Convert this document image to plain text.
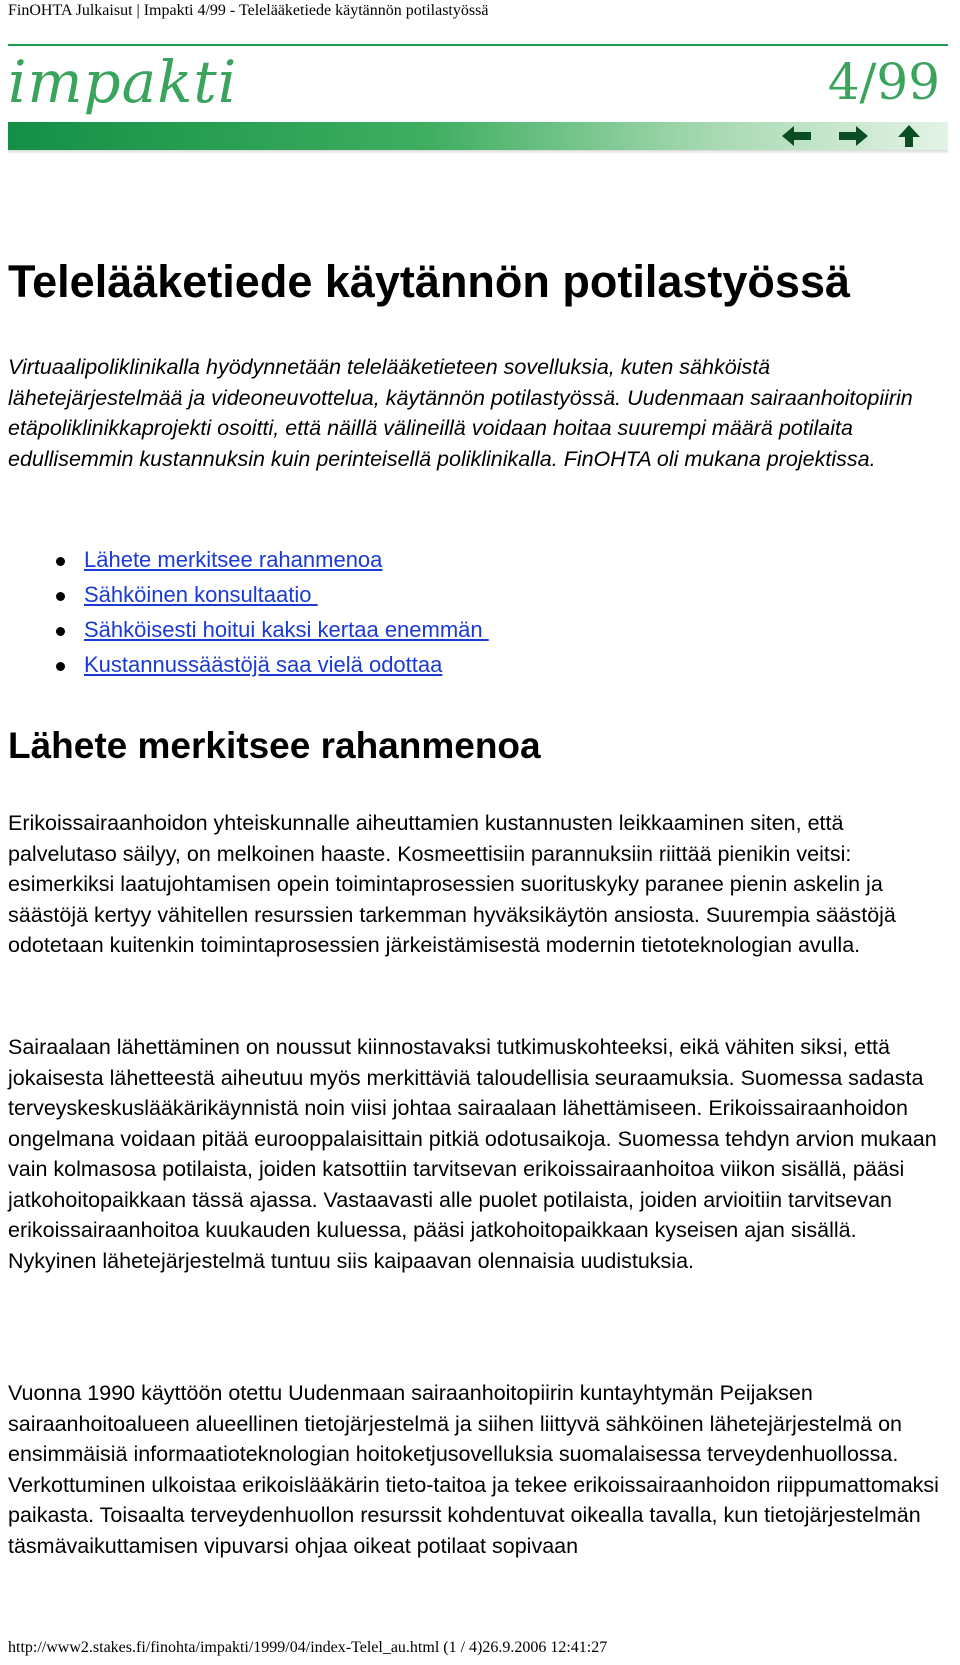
FinOHTA Julkaisut | Impakti 4/99 - Telelääketiede käytännön potilastyössä
impakti	4/99
Telelääketiede käytännön potilastyössä

Virtuaalipoliklinikalla hyödynnetään telelääketieteen sovelluksia, kuten sähköistä lähetejärjestelmää ja videoneuvottelua, käytännön potilastyössä. Uudenmaan sairaanhoitopiirin etäpoliklinikkaprojekti osoitti, että näillä välineillä voidaan hoitaa suurempi määrä potilaita edullisemmin kustannuksin kuin perinteisellä poliklinikalla. FinOHTA oli mukana projektissa.

Lähete merkitsee rahanmenoa
Sähköinen konsultaatio
Sähköisesti hoitui kaksi kertaa enemmän
Kustannussäästöjä saa vielä odottaa
Lähete merkitsee rahanmenoa

Erikoissairaanhoidon yhteiskunnalle aiheuttamien kustannusten leikkaaminen siten, että palvelutaso säilyy, on melkoinen haaste. Kosmeettisiin parannuksiin riittää pienikin veitsi: esimerkiksi laatujohtamisen opein toimintaprosessien suorituskyky paranee pienin askelin ja säästöjä kertyy vähitellen resurssien tarkemman hyväksikäytön ansiosta. Suurempia säästöjä odotetaan kuitenkin toimintaprosessien järkeistämisestä modernin tietoteknologian avulla.

Sairaalaan lähettäminen on noussut kiinnostavaksi tutkimuskohteeksi, eikä vähiten siksi, että jokaisesta lähetteestä aiheutuu myös merkittäviä taloudellisia seuraamuksia. Suomessa sadasta terveyskeskuslääkärikäynnistä noin viisi johtaa sairaalaan lähettämiseen. Erikoissairaanhoidon ongelmana voidaan pitää eurooppalaisittain pitkiä odotusaikoja. Suomessa tehdyn arvion mukaan vain kolmasosa potilaista, joiden katsottiin tarvitsevan erikoissairaanhoitoa viikon sisällä, pääsi jatkohoitopaikkaan tässä ajassa. Vastaavasti alle puolet potilaista, joiden arvioitiin tarvitsevan erikoissairaanhoitoa kuukauden kuluessa, pääsi jatkohoitopaikkaan kyseisen ajan sisällä. Nykyinen lähetejärjestelmä tuntuu siis kaipaavan olennaisia uudistuksia.

Vuonna 1990 käyttöön otettu Uudenmaan sairaanhoitopiirin kuntayhtymän Peijaksen sairaanhoitoalueen alueellinen tietojärjestelmä ja siihen liittyvä sähköinen lähetejärjestelmä on ensimmäisiä informaatioteknologian hoitoketjusovelluksia suomalaisessa terveydenhuollossa. Verkottuminen ulkoistaa erikoislääkärin tieto-taitoa ja tekee erikoissairaanhoidon riippumattomaksi paikasta. Toisaalta terveydenhuollon resurssit kohdentuvat oikealla tavalla, kun tietojärjestelmän täsmävaikuttamisen vipuvarsi ohjaa oikeat potilaat sopivaan

http://www2.stakes.fi/finohta/impakti/1999/04/index-Telel_au.html (1 / 4)26.9.2006 12:41:27
